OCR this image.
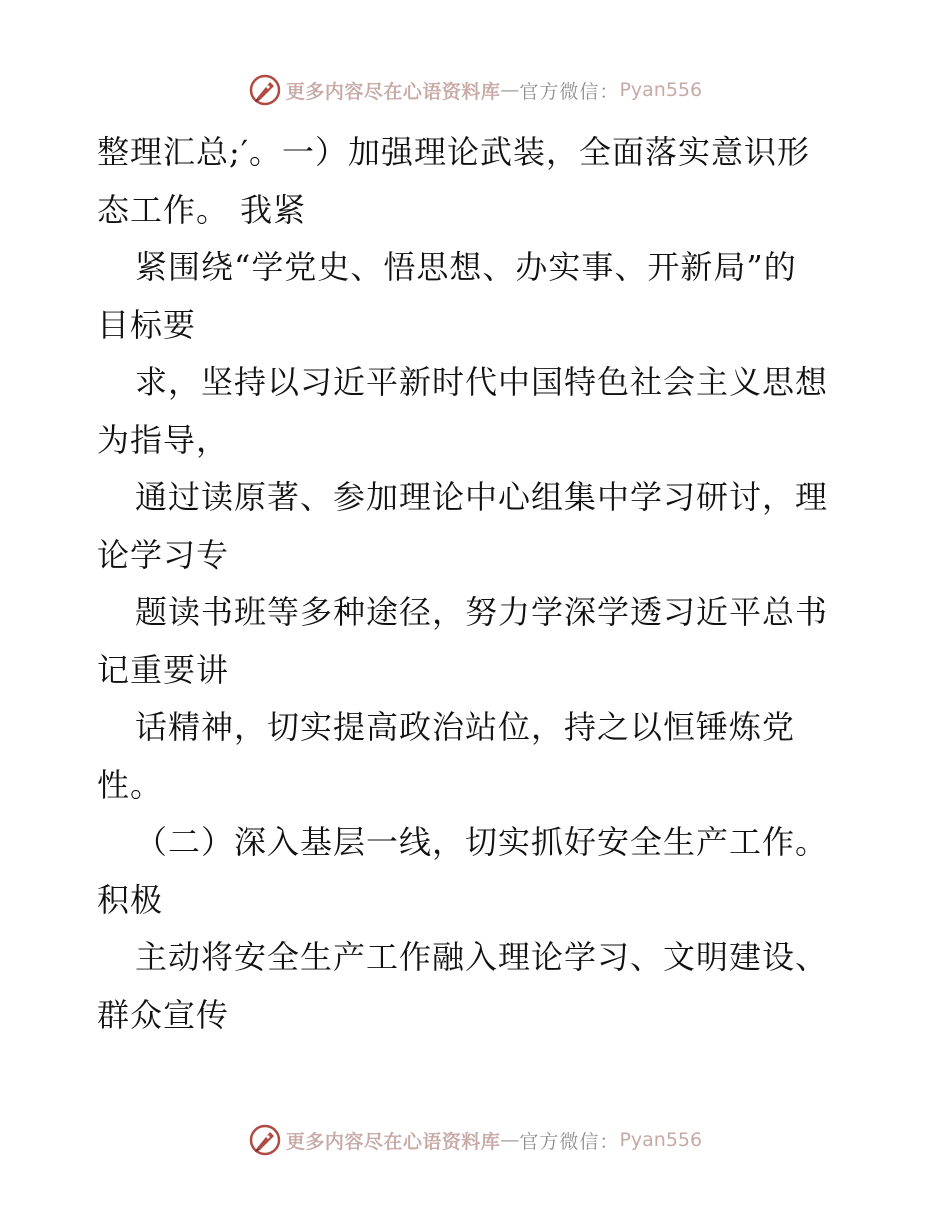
更多内容尽在心语资料库 — 官方微信： Pyan556
整理汇总;′。一）加强理论武装，全面落实意识形
态工作。 我紧
紧围绕“学党史、悟思想、办实事、开新局”的
目标要
求，坚持以习近平新时代中国特色社会主义思想
为指导，
通过读原著、参加理论中心组集中学习研讨，理
论学习专
题读书班等多种途径，努力学深学透习近平总书
记重要讲
话精神，切实提高政治站位，持之以恒锤炼党
性。
（二）深入基层一线，切实抓好安全生产工作。
积极
主动将安全生产工作融入理论学习、文明建设、
群众宣传
更多内容尽在心语资料库 — 官方微信： Pyan556
